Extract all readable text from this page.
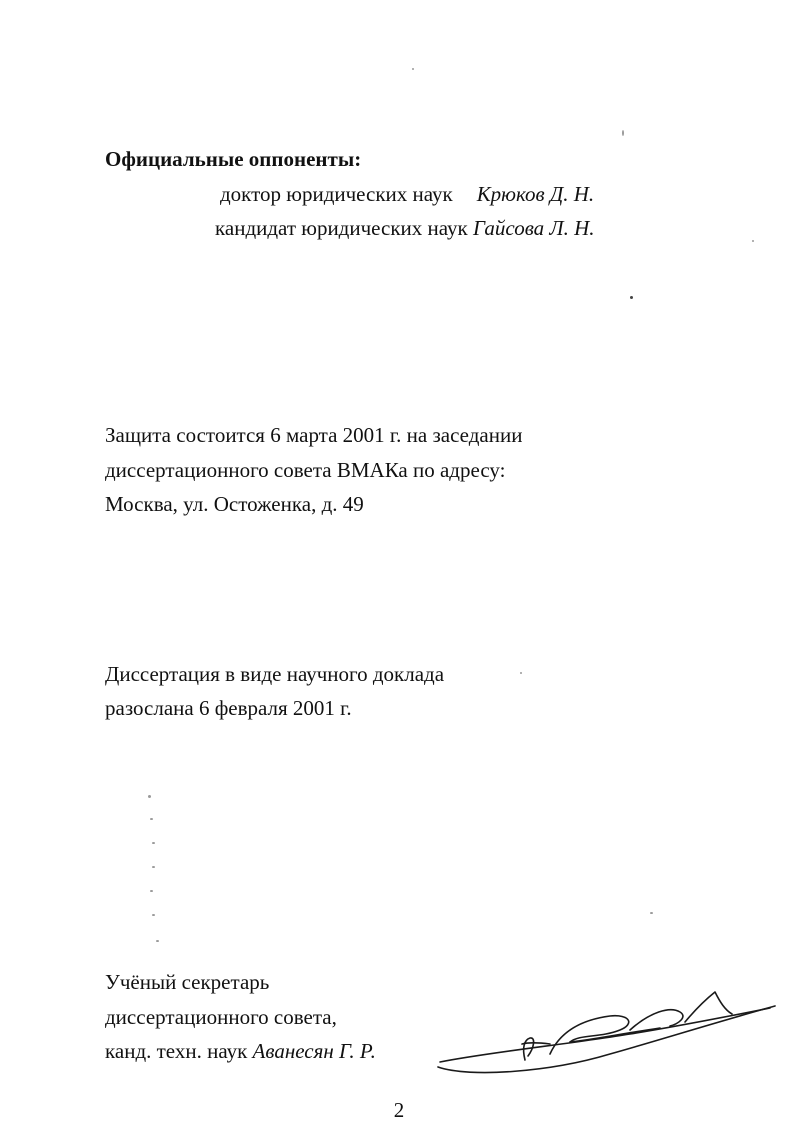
Официальные оппоненты:
доктор юридических наук Крюков Д. Н.
кандидат юридических наук Гайсова Л. Н.
Защита состоится 6 марта 2001 г. на заседании
диссертационного совета ВМАКа по адресу:
Москва, ул. Остоженка, д. 49
Диссертация в виде научного доклада
разослана 6 февраля 2001 г.
Учёный секретарь
диссертационного совета,
канд. техн. наук Аванесян Г. Р.
2
